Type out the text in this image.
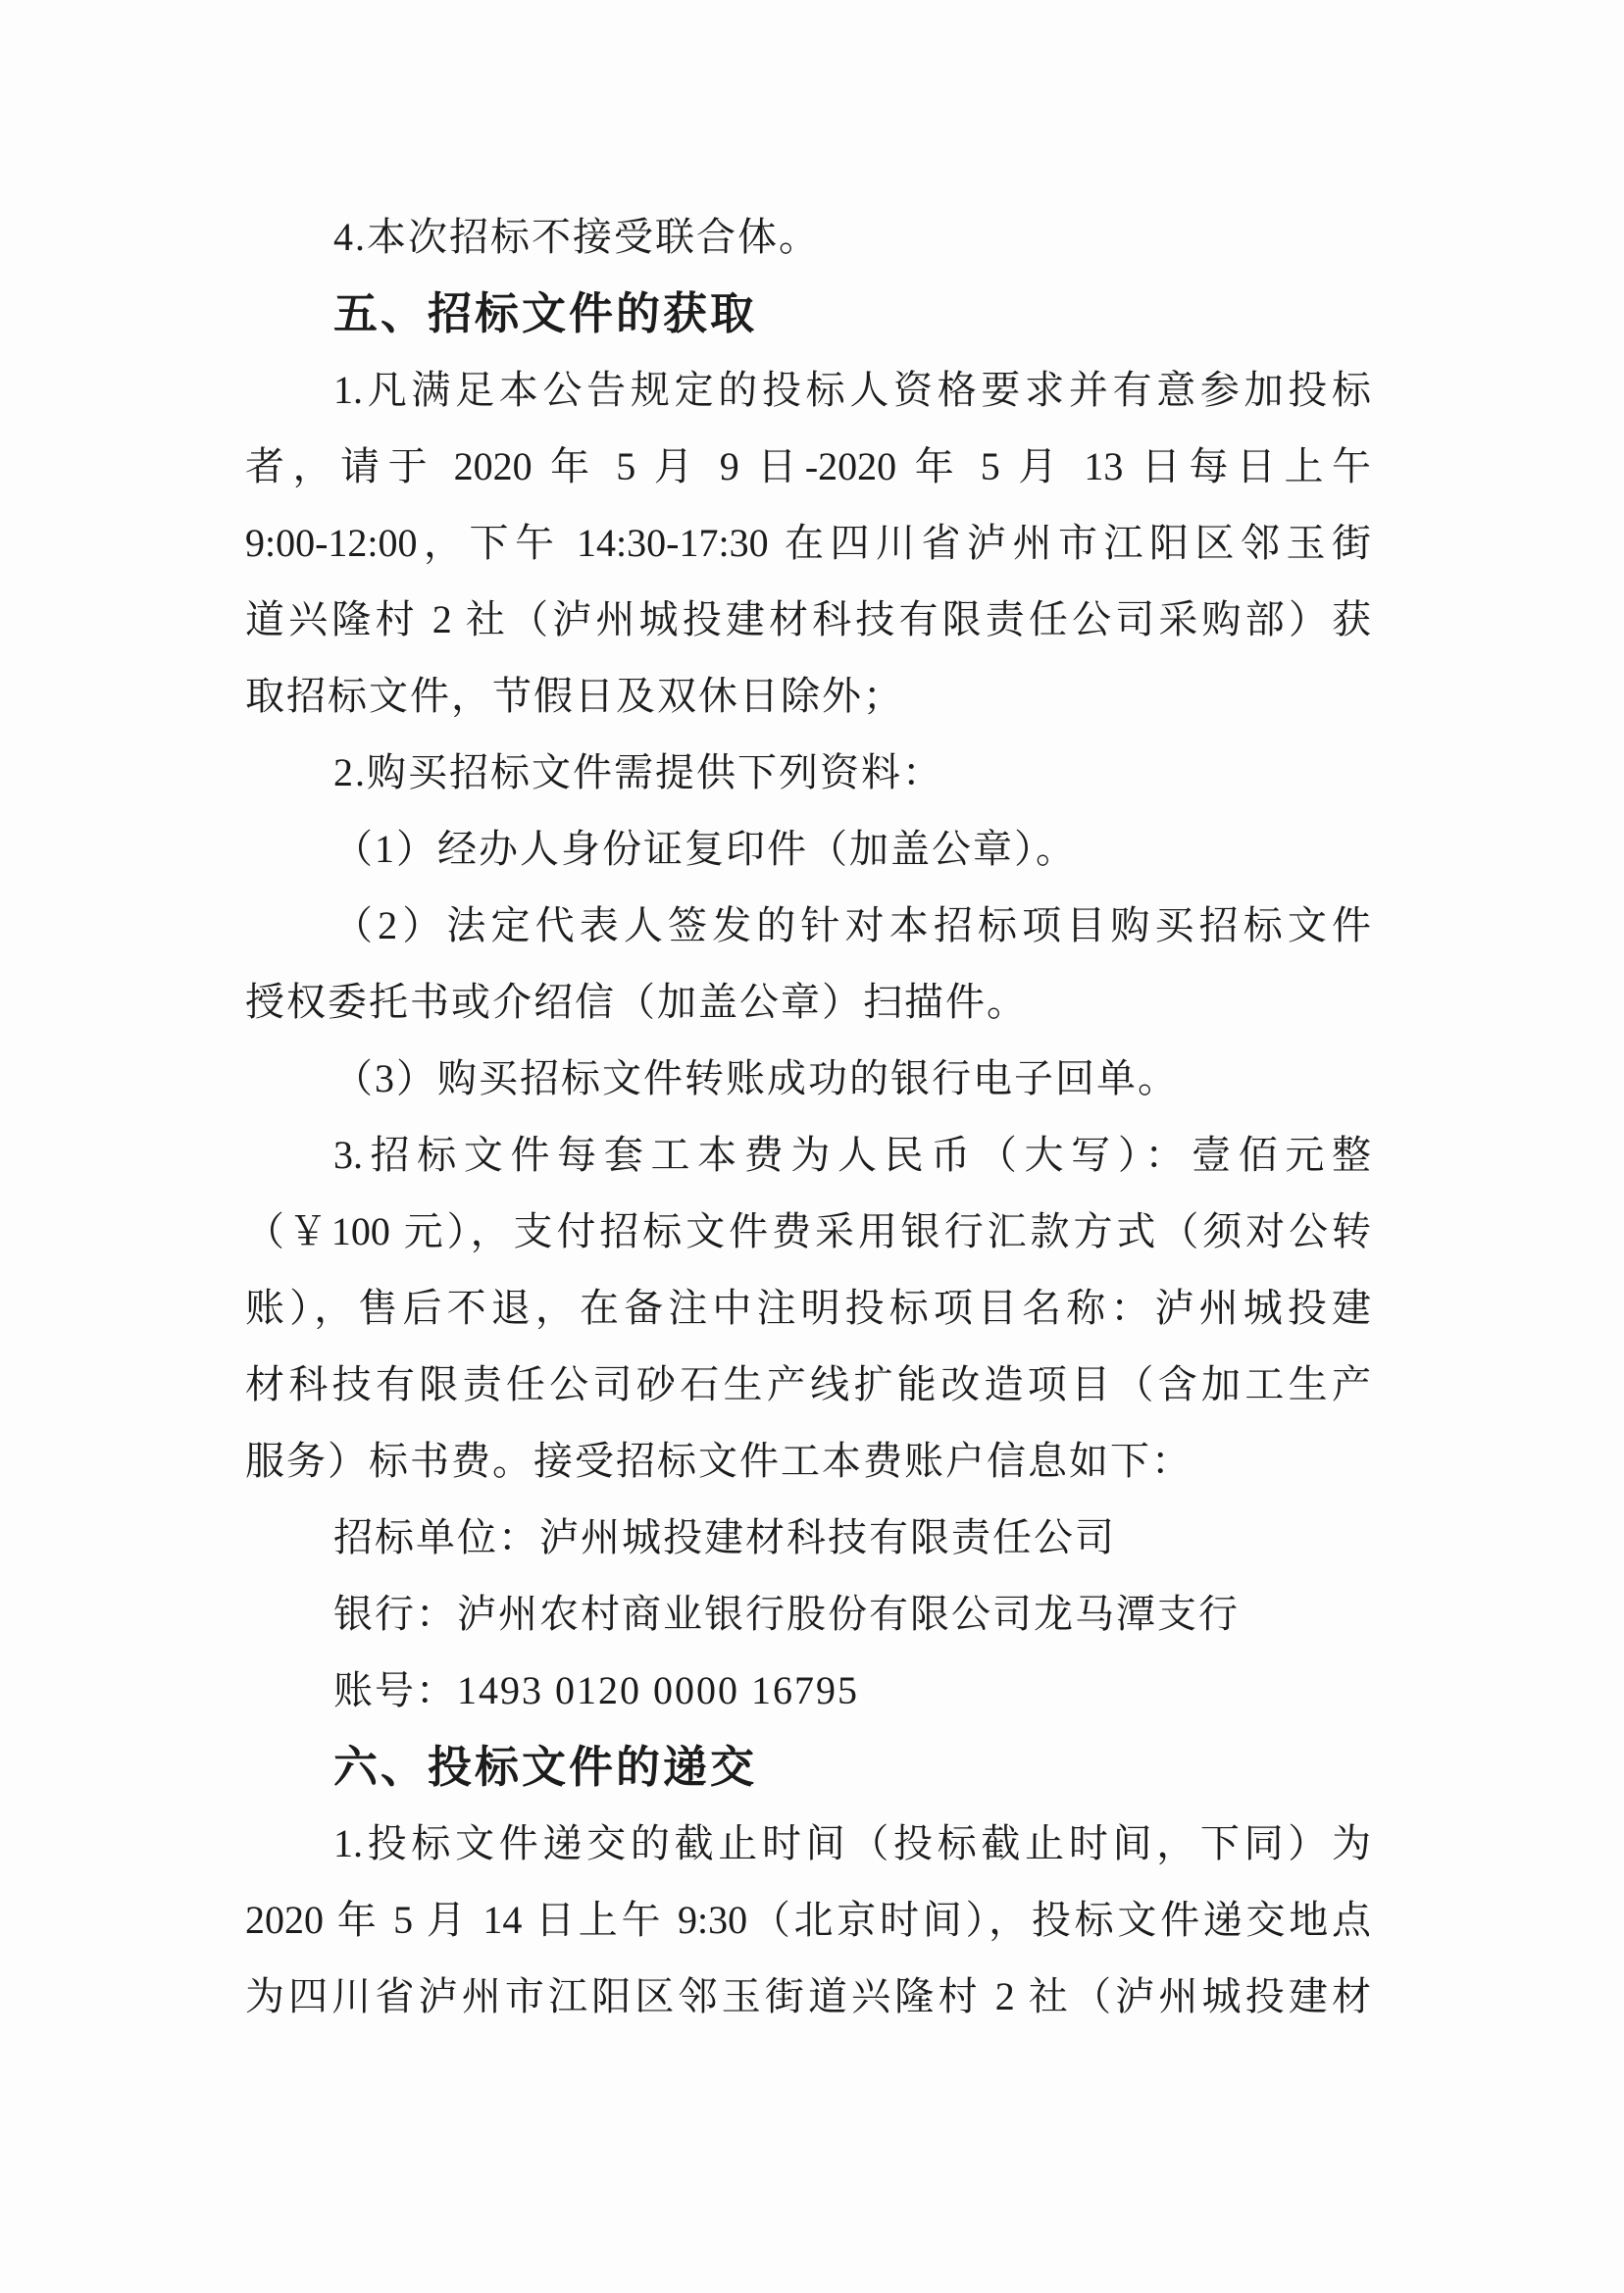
4.本次招标不接受联合体。
五、招标文件的获取
1.凡满足本公告规定的投标人资格要求并有意参加投标
者，请于 2020 年 5 月 9 日-2020 年 5 月 13 日每日上午
9:00-12:00，下午 14:30-17:30 在四川省泸州市江阳区邻玉街
道兴隆村 2 社（泸州城投建材科技有限责任公司采购部）获
取招标文件，节假日及双休日除外；
2.购买招标文件需提供下列资料：
（1）经办人身份证复印件（加盖公章）。
（2）法定代表人签发的针对本招标项目购买招标文件
授权委托书或介绍信（加盖公章）扫描件。
（3）购买招标文件转账成功的银行电子回单。
3.招标文件每套工本费为人民币（大写）：壹佰元整
（￥100 元），支付招标文件费采用银行汇款方式（须对公转
账），售后不退，在备注中注明投标项目名称：泸州城投建
材科技有限责任公司砂石生产线扩能改造项目（含加工生产
服务）标书费。接受招标文件工本费账户信息如下：
招标单位：泸州城投建材科技有限责任公司
银行：泸州农村商业银行股份有限公司龙马潭支行
账号：1493 0120 0000 16795
六、投标文件的递交
1.投标文件递交的截止时间（投标截止时间，下同）为
2020 年 5 月 14 日上午 9:30（北京时间），投标文件递交地点
为四川省泸州市江阳区邻玉街道兴隆村 2 社（泸州城投建材
